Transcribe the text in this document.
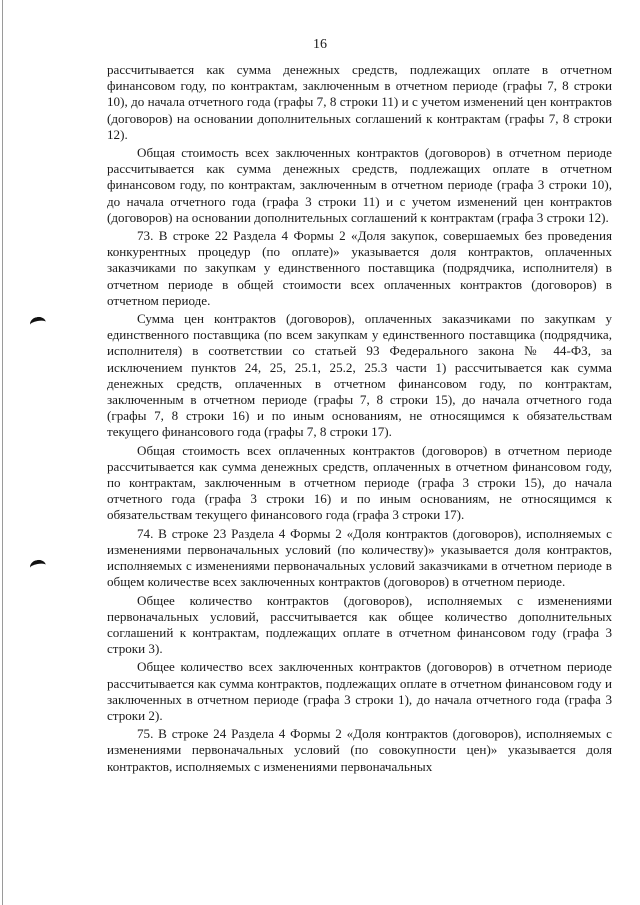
16

рассчитывается как сумма денежных средств, подлежащих оплате в отчетном финансовом году, по контрактам, заключенным в отчетном периоде (графы 7, 8 строки 10), до начала отчетного года (графы 7, 8 строки 11) и с учетом изменений цен контрактов (договоров) на основании дополнительных соглашений к контрактам (графы 7, 8 строки 12).

Общая стоимость всех заключенных контрактов (договоров) в отчетном периоде рассчитывается как сумма денежных средств, подлежащих оплате в отчетном финансовом году, по контрактам, заключенным в отчетном периоде (графа 3 строки 10), до начала отчетного года (графа 3 строки 11) и с учетом изменений цен контрактов (договоров) на основании дополнительных соглашений к контрактам (графа 3 строки 12).

73. В строке 22 Раздела 4 Формы 2 «Доля закупок, совершаемых без проведения конкурентных процедур (по оплате)» указывается доля контрактов, оплаченных заказчиками по закупкам у единственного поставщика (подрядчика, исполнителя) в отчетном периоде в общей стоимости всех оплаченных контрактов (договоров) в отчетном периоде.

Сумма цен контрактов (договоров), оплаченных заказчиками по закупкам у единственного поставщика (по всем закупкам у единственного поставщика (подрядчика, исполнителя) в соответствии со статьей 93 Федерального закона № 44-ФЗ, за исключением пунктов 24, 25, 25.1, 25.2, 25.3 части 1) рассчитывается как сумма денежных средств, оплаченных в отчетном финансовом году, по контрактам, заключенным в отчетном периоде (графы 7, 8 строки 15), до начала отчетного года (графы 7, 8 строки 16) и по иным основаниям, не относящимся к обязательствам текущего финансового года (графы 7, 8 строки 17).

Общая стоимость всех оплаченных контрактов (договоров) в отчетном периоде рассчитывается как сумма денежных средств, оплаченных в отчетном финансовом году, по контрактам, заключенным в отчетном периоде (графа 3 строки 15), до начала отчетного года (графа 3 строки 16) и по иным основаниям, не относящимся к обязательствам текущего финансового года (графа 3 строки 17).

74. В строке 23 Раздела 4 Формы 2 «Доля контрактов (договоров), исполняемых с изменениями первоначальных условий (по количеству)» указывается доля контрактов, исполняемых с изменениями первоначальных условий заказчиками в отчетном периоде в общем количестве всех заключенных контрактов (договоров) в отчетном периоде.

Общее количество контрактов (договоров), исполняемых с изменениями первоначальных условий, рассчитывается как общее количество дополнительных соглашений к контрактам, подлежащих оплате в отчетном финансовом году (графа 3 строки 3).

Общее количество всех заключенных контрактов (договоров) в отчетном периоде рассчитывается как сумма контрактов, подлежащих оплате в отчетном финансовом году и заключенных в отчетном периоде (графа 3 строки 1), до начала отчетного года (графа 3 строки 2).

75. В строке 24 Раздела 4 Формы 2 «Доля контрактов (договоров), исполняемых с изменениями первоначальных условий (по совокупности цен)» указывается доля контрактов, исполняемых с изменениями первоначальных
